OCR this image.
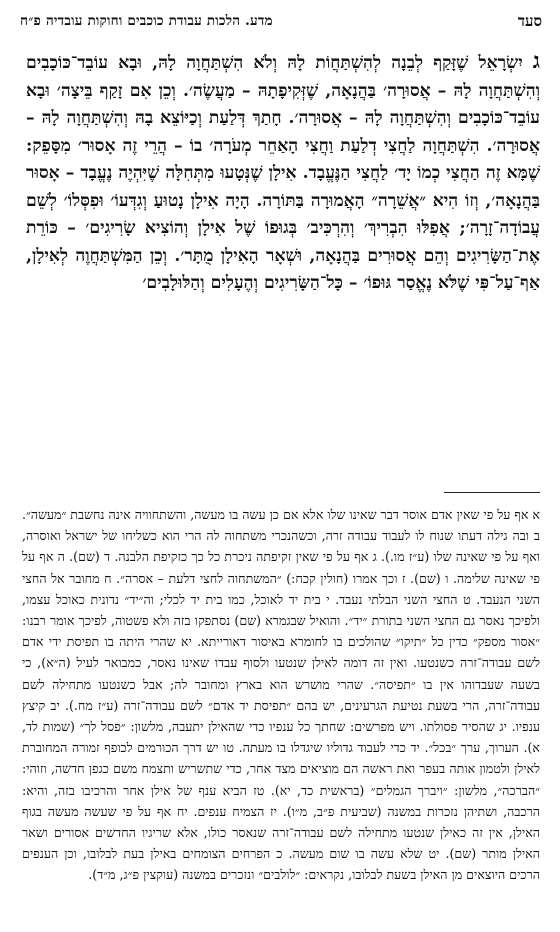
סעד
מדע. הלכות עבודת כוכבים וחוקות עובדיה פ״ח
גיִשְׂרָאֵל שֶׁזָּקַף לְבֵנָה לְהִשְׁתַּחֲוֹת לָהּ וְלֹא הִשְׁתַּחֲוָה לָהּ, וּבָא עוֹבֵד־כּוֹכָבִים וְהִשְׁתַּחֲוָה לָהּ – אֲסוּרָה׳ בַּהֲנָאָה, שֶׁזְּקִיפָתָהּ – מַעֲשֶׂה׳. וְכֵן אִם זָקַף בֵּיצָה׳ וּבָא עוֹבֵד־כּוֹכָבִים וְהִשְׁתַּחֲוָה לָהּ – אֲסוּרָה׳. חָתַךְ דְּלַעַת וְכַיּוֹצֵא בָהּ וְהִשְׁתַּחֲוָה לָהּ – אֲסוּרָה׳. הִשְׁתַּחֲוָה לַחֲצִי דְלַעַת וַחֲצִי הָאַחֵר מְעֹרָה׳ בוֹ – הֲרֵי זֶה אָסוּר׳ מִסָּפֵק: שֶׁמָּא זֶה הַחֲצִי כְמוֹ יָד׳ לַחֲצִי הַנֶּעֱבָד. אִילָן שֶׁנְּטָעוּ מִתְּחִלָּה שֶׁיִּהְיֶה נֶעֱבָד – אָסוּר בַּהֲנָאָה׳, וְזוֹ הִיא ״אֲשֵׁרָה״ הָאֲמוּרָה בַּתּוֹרָה. הָיָה אִילָן נָטוּעַ וְגִדְּעוֹ׳ וּפִסְּלוֹ׳ לְשֵׁם עֲבוֹדָה־זָרָה׳; אֲפִלּוּ הִבְרִיךְ׳ וְהִרְכִּיב׳ בְּגוּפוֹ שֶׁל אִילָן וְהוֹצִיא שָׂרִיגִים׳ – כּוֹרֵת אֶת־הַשָּׂרִיגִים וְהֵם אֲסוּרִים בַּהֲנָאָה, וּשְׁאָר הָאִילָן מֻתָּר׳. וְכֵן הַמִּשְׁתַּחֲוֶה לְאִילָן, אַף־עַל־פִּי שֶׁלֹּא נֶאֱסַר גּוּפוֹ׳ – כָּל־הַשָּׂרִיגִים וְהֶעָלִים וְהַלּוּלָבִים׳

א אף על פי שאין אדם אוסר דבר שאינו שלו אלא אם כן עשה בו מעשה, והשתחוויה אינה נחשבת ״מעשה״. ב ובה גילה דעתו שנוח לו לעבוד עבודה זרה, וכשהנכרי משתחוה לה הרי הוא כשליחו של ישראל ואוסרה, ואף על פי שאינה שלו (ע״ז מו.). ג אף על פי שאין זקיפתה ניכרת כל כך כזקיפת הלבנה. ד (שם). ה אף על פי שאינה שלימה. ו (שם). ז וכך אמרו (חולין קכח:) ״המשתחוה לחצי דלעת – אסרה״. ח מחובר אל החצי השני הנעבד. ט החצי השני הבלתי נעבד. י בית יד לאוכל, כמו בית יד לכלי; וה״יד״ נדונית כאוכל עצמו, ולפיכך נאסר גם החצי השני בתורת ״יד״. והואיל שבגמרא (שם) נסתפקו בזה ולא פשטוה, לפיכך אומר רבנו: ״אסור מספק״ כדין כל ״תיקו״ שהולכים בו לחומרא באיסור דאורייתא. יא שהרי היתה בו תפיסת ידי אדם לשם עבודה־זרה כשנטעו. ואין זה דומה לאילן שנטעו ולסוף עבדו שאינו נאסר, כמבואר לעיל (ה״א), כי בשעה שעבדוהו אין בו ״תפיסה״. שהרי מושרש הוא בארץ ומחובר לה; אבל כשנטעו מתחילה לשם עבודה־זרה, הרי בשעת נטיעת הגרעינים, יש בהם ״תפיסת יד אדם״ לשם עבודה־זרה (ע״ז מח.). יב קיצץ ענפיו. יג שהסיר פסולתו. ויש מפרשים: שחתך כל ענפיו כדי שהאילן יתעבה, מלשון: ״פסל לך״ (שמות לד, א). הערוך, ערך ״בכל״. יד כדי לעבוד גדוליו שיגדלו בו מעתה. טו יש דרך הכורמים לכופף זמורה המחוברת לאילן ולטמון אותה בעפר ואת ראשה הם מוציאים מצד אחר, כדי שתשריש ותצמח משם כגפן חדשה, וזוהי: ״הברכה״, מלשון: ״ויברך הגמלים״ (בראשית כד, יא). טז הביא ענף של אילן אחר והרכיבו בזה, והיא: הרכבה, ושתיהן נזכרות במשנה (שביעית פ״ב, מ״ו). יז הצמיח ענפים. יח אף על פי שעשה מעשה בגוף האילן, אין זה כאילן שנטעו מתחילה לשם עבודה־זרה שנאסר כולו, אלא שריגיו החדשים אסורים ושאר האילן מותר (שם). יט שלא עשה בו שום מעשה. כ הפרחים הצומחים באילן בעת לבלובו, וכן הענפים הרכים היוצאים מן האילן בשעת לבלובו, נקראים: ״לולבים״ ונזכרים במשנה (עוקצין פ״ג, מ״ד).
